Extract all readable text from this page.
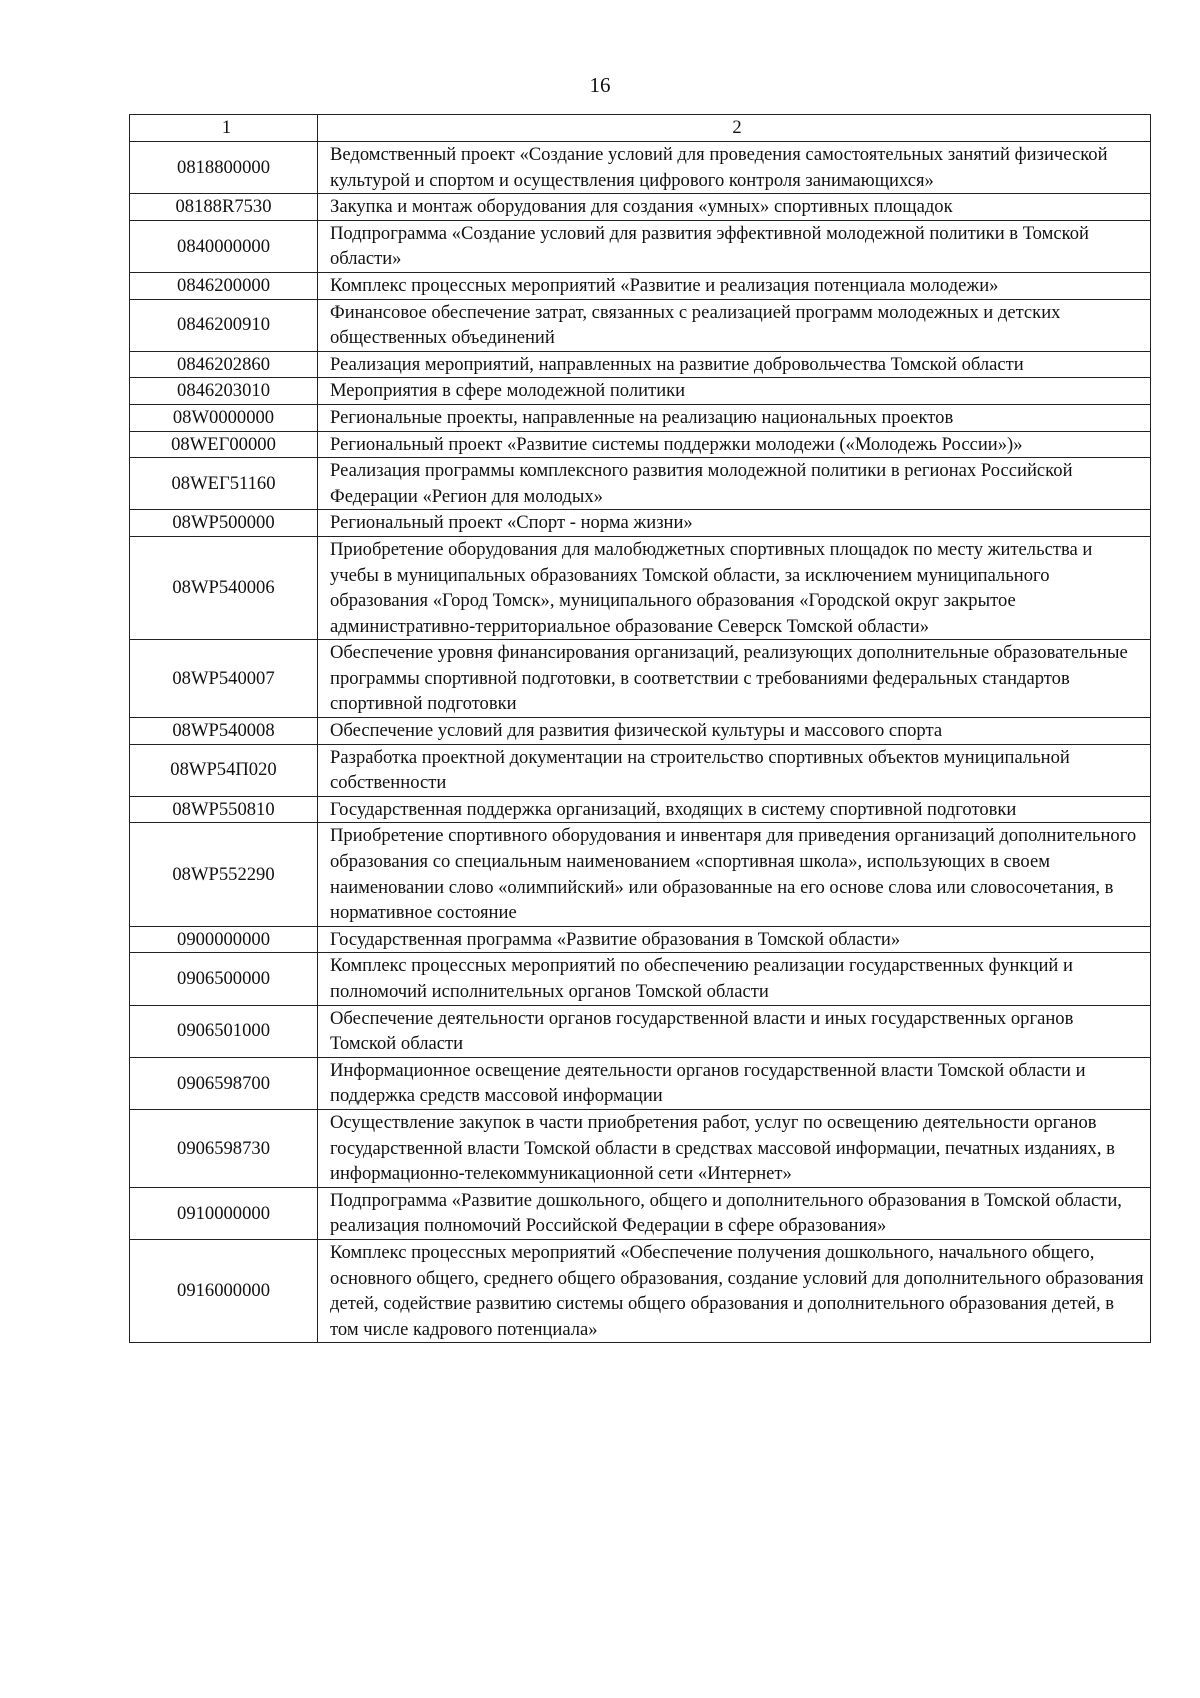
16
1	2
0818800000	Ведомственный проект «Создание условий для проведения самостоятельных занятий физической культурой и спортом и осуществления цифрового контроля занимающихся»
08188R7530	Закупка и монтаж оборудования для создания «умных» спортивных площадок
0840000000	Подпрограмма «Создание условий для развития эффективной молодежной политики в Томской области»
0846200000	Комплекс процессных мероприятий «Развитие и реализация потенциала молодежи»
0846200910	Финансовое обеспечение затрат, связанных с реализацией программ молодежных и детских общественных объединений
0846202860	Реализация мероприятий, направленных на развитие добровольчества Томской области
0846203010	Мероприятия в сфере молодежной политики
08W0000000	Региональные проекты, направленные на реализацию национальных проектов
08WЕГ00000	Региональный проект «Развитие системы поддержки молодежи («Молодежь России»)»
08WЕГ51160	Реализация программы комплексного развития молодежной политики в регионах Российской Федерации «Регион для молодых»
08WP500000	Региональный проект «Спорт - норма жизни»
08WP540006	Приобретение оборудования для малобюджетных спортивных площадок по месту жительства и учебы в муниципальных образованиях Томской области, за исключением муниципального образования «Город Томск», муниципального образования «Городской округ закрытое административно-территориальное образование Северск Томской области»
08WP540007	Обеспечение уровня финансирования организаций, реализующих дополнительные образовательные программы спортивной подготовки, в соответствии с требованиями федеральных стандартов спортивной подготовки
08WP540008	Обеспечение условий для развития физической культуры и массового спорта
08WP54П020	Разработка проектной документации на строительство спортивных объектов муниципальной собственности
08WP550810	Государственная поддержка организаций, входящих в систему спортивной подготовки
08WP552290	Приобретение спортивного оборудования и инвентаря для приведения организаций дополнительного образования со специальным наименованием «спортивная школа», использующих в своем наименовании слово «олимпийский» или образованные на его основе слова или словосочетания, в нормативное состояние
0900000000	Государственная программа «Развитие образования в Томской области»
0906500000	Комплекс процессных мероприятий по обеспечению реализации государственных функций и полномочий исполнительных органов Томской области
0906501000	Обеспечение деятельности органов государственной власти и иных государственных органов Томской области
0906598700	Информационное освещение деятельности органов государственной власти Томской области и поддержка средств массовой информации
0906598730	Осуществление закупок в части приобретения работ, услуг по освещению деятельности органов государственной власти Томской области в средствах массовой информации, печатных изданиях, в информационно-телекоммуникационной сети «Интернет»
0910000000	Подпрограмма «Развитие дошкольного, общего и дополнительного образования в Томской области, реализация полномочий Российской Федерации в сфере образования»
0916000000	Комплекс процессных мероприятий «Обеспечение получения дошкольного, начального общего, основного общего, среднего общего образования, создание условий для дополнительного образования детей, содействие развитию системы общего образования и дополнительного образования детей, в том числе кадрового потенциала»
